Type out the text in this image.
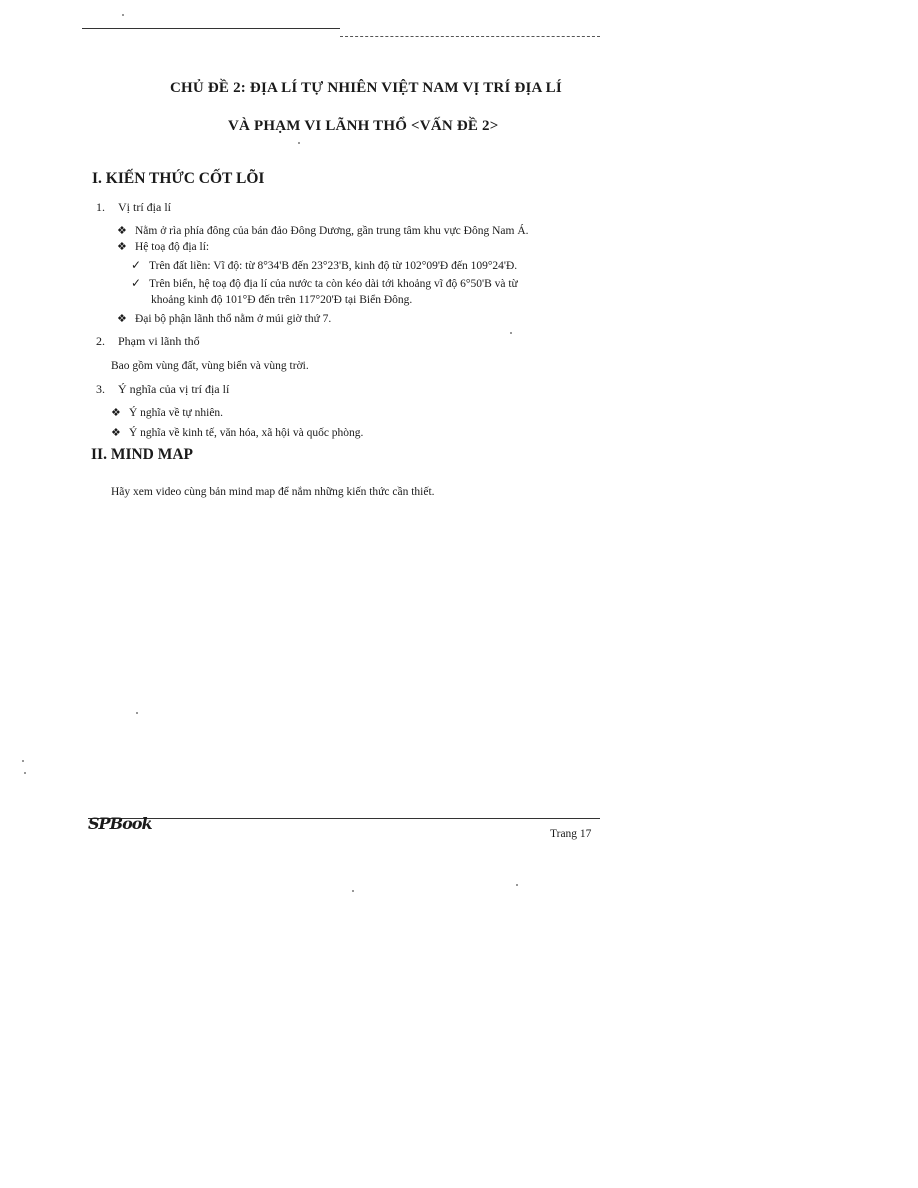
CHỦ ĐỀ 2: ĐỊA LÍ TỰ NHIÊN VIỆT NAM VỊ TRÍ ĐỊA LÍ
VÀ PHẠM VI LÃNH THỔ <VẤN ĐỀ 2>
I. KIẾN THỨC CỐT LÕI
1. Vị trí địa lí
❖ Nằm ở rìa phía đông của bán đảo Đông Dương, gần trung tâm khu vực Đông Nam Á.
❖ Hệ toạ độ địa lí:
✓ Trên đất liền: Vĩ độ: từ 8°34'B đến 23°23'B, kinh độ từ 102°09'Đ đến 109°24'Đ.
✓ Trên biển, hệ toạ độ địa lí của nước ta còn kéo dài tới khoảng vĩ độ 6°50'B và từ
khoảng kinh độ 101°Đ đến trên 117°20'Đ tại Biển Đông.
❖ Đại bộ phận lãnh thổ nằm ở múi giờ thứ 7.
2. Phạm vi lãnh thổ
Bao gồm vùng đất, vùng biển và vùng trời.
3. Ý nghĩa của vị trí địa lí
❖ Ý nghĩa về tự nhiên.
❖ Ý nghĩa về kinh tế, văn hóa, xã hội và quốc phòng.
II. MIND MAP
Hãy xem video cùng bản mind map để nắm những kiến thức cần thiết.
SPBook
Trang 17
